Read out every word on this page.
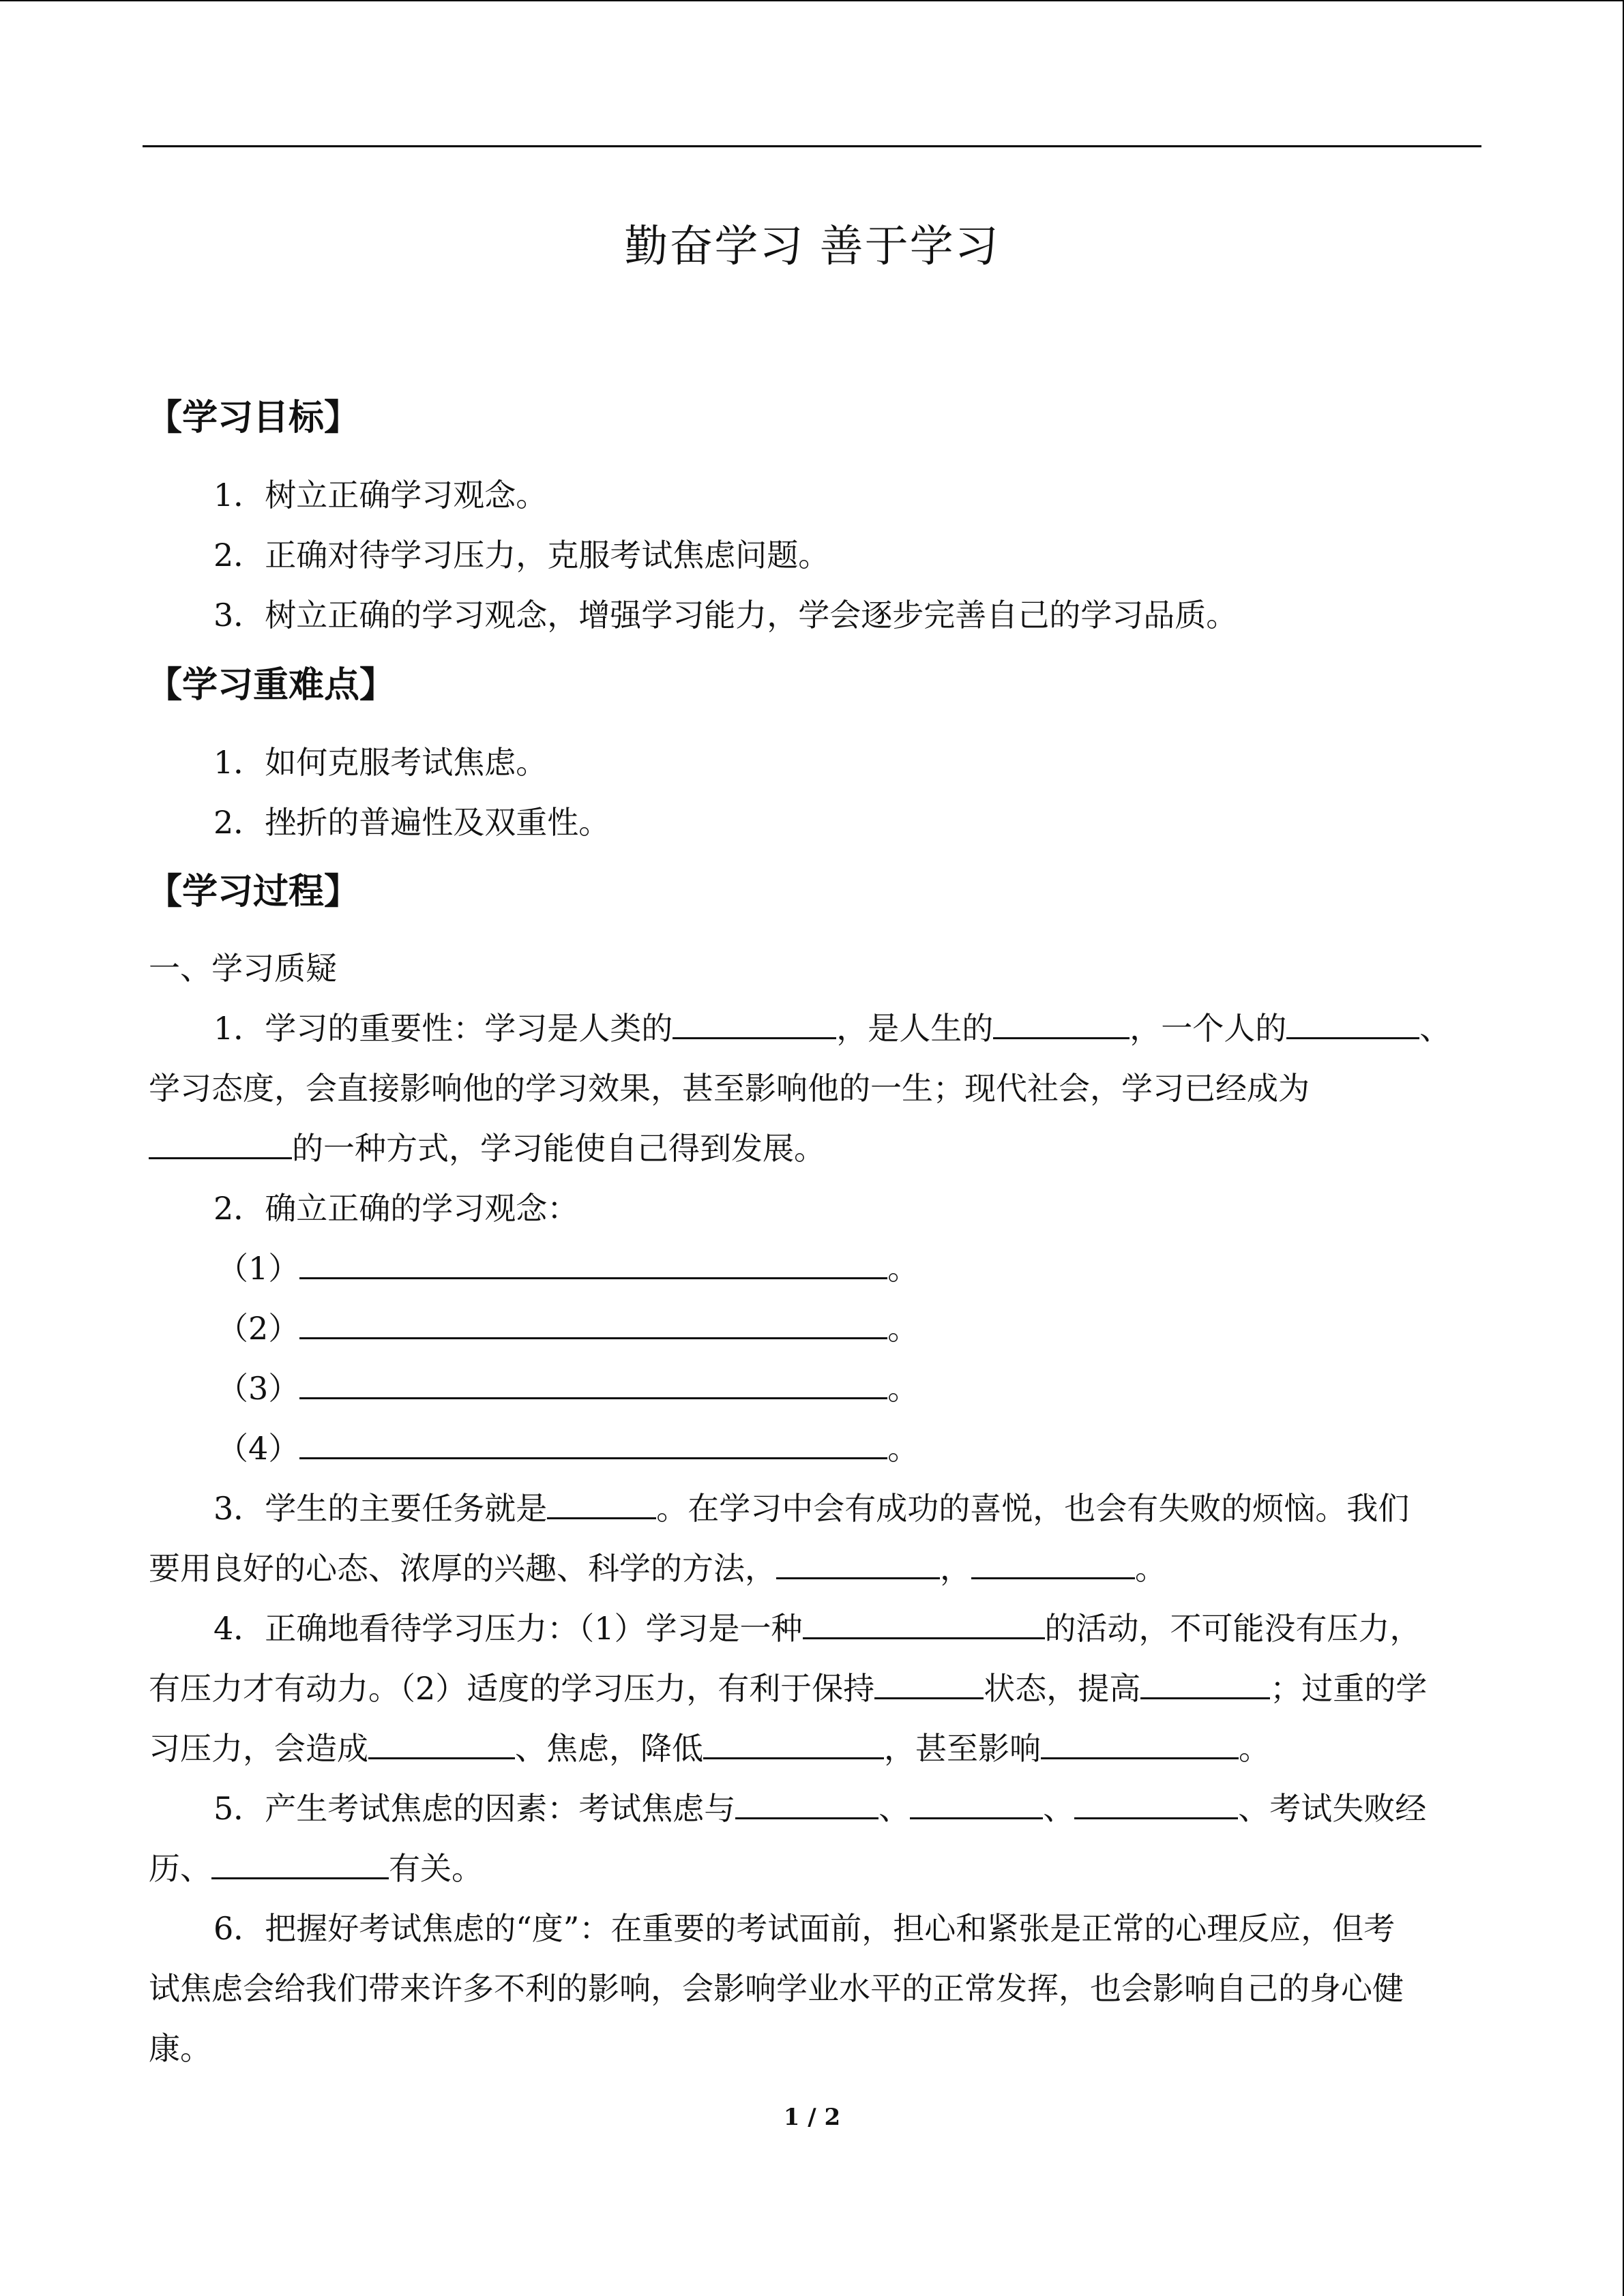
勤奋学习 善于学习
【学习目标】
1．树立正确学习观念。
2．正确对待学习压力，克服考试焦虑问题。
3．树立正确的学习观念，增强学习能力，学会逐步完善自己的学习品质。
【学习重难点】
1．如何克服考试焦虑。
2．挫折的普遍性及双重性。
【学习过程】
一、学习质疑
1．学习的重要性：学习是人类的	，是人生的	，一个人的	、
学习态度，会直接影响他的学习效果，甚至影响他的一生；现代社会，学习已经成为
的一种方式，学习能使自己得到发展。
2．确立正确的学习观念：
（1）	。
（2）	。
（3）	。
（4）	。
3．学生的主要任务就是	。在学习中会有成功的喜悦，也会有失败的烦恼。我们
要用良好的心态、浓厚的兴趣、科学的方法，	，	。
4．正确地看待学习压力：（1）学习是一种	的活动，不可能没有压力，
有压力才有动力。（2）适度的学习压力，有利于保持	状态，提高	；过重的学
习压力，会造成	、焦虑，降低	，甚至影响	。
5．产生考试焦虑的因素：考试焦虑与	、	、	、考试失败经
历、	有关。
6．把握好考试焦虑的“度”：在重要的考试面前，担心和紧张是正常的心理反应，但考
试焦虑会给我们带来许多不利的影响，会影响学业水平的正常发挥，也会影响自己的身心健
康。
1 / 2
